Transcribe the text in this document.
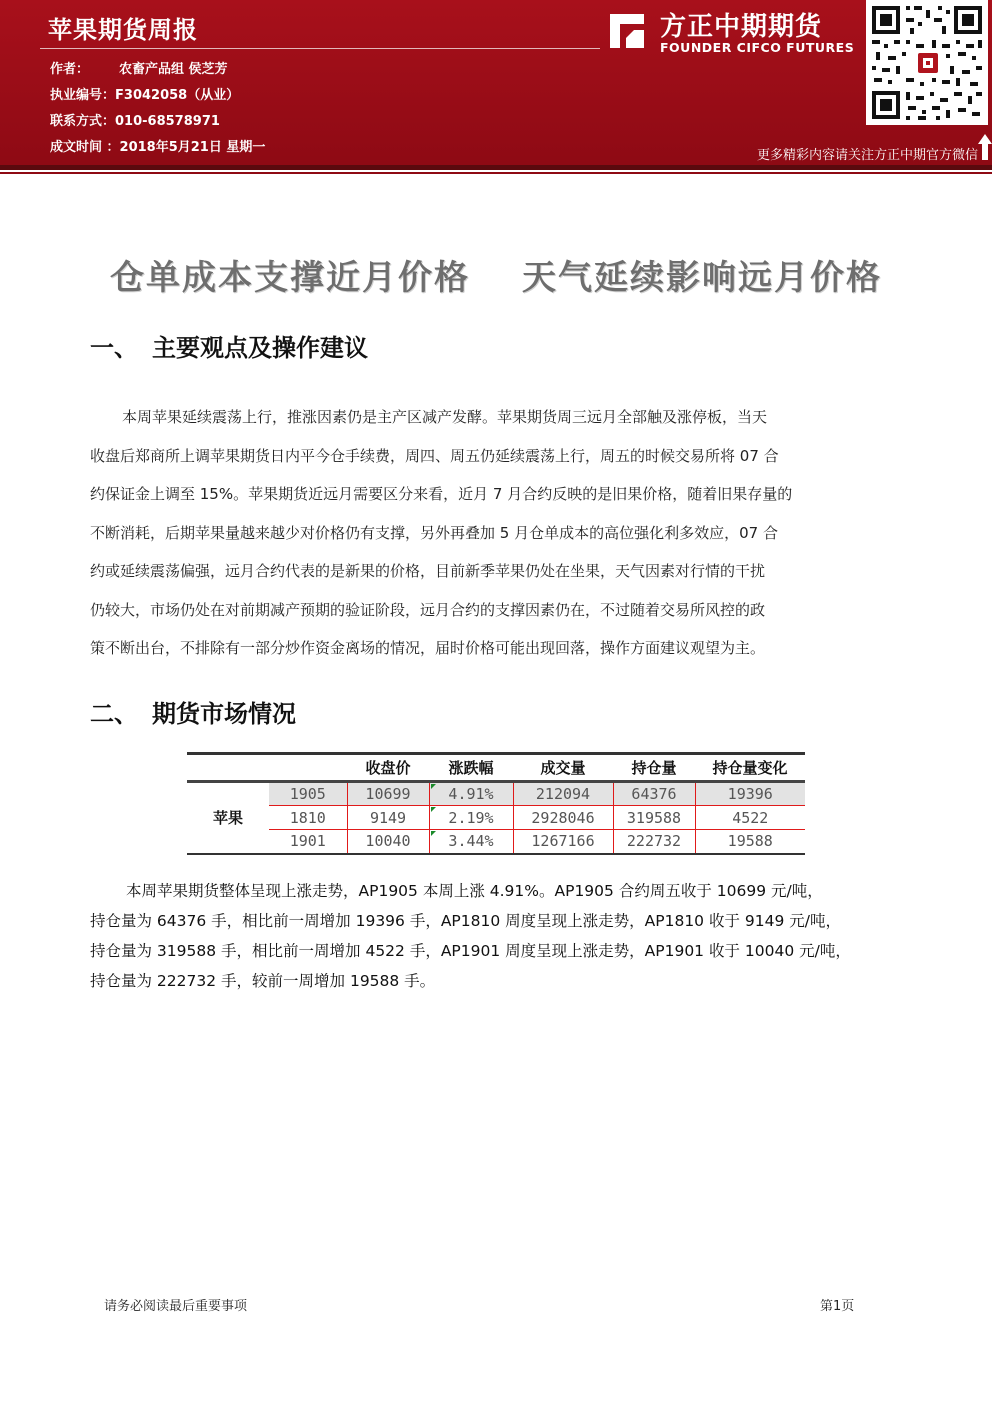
苹果期货周报
作者： 农畜产品组 侯芝芳
执业编号：F3042058（从业）
联系方式：010-68578971
成文时间 ：2018年5月21日 星期一
方正中期期货
FOUNDER CIFCO FUTURES
更多精彩内容请关注方正中期官方微信
仓单成本支撑近月价格 天气延续影响远月价格
一、 主要观点及操作建议
本周苹果延续震荡上行，推涨因素仍是主产区减产发酵。苹果期货周三远月全部触及涨停板，当天
收盘后郑商所上调苹果期货日内平今仓手续费，周四、周五仍延续震荡上行，周五的时候交易所将 07 合
约保证金上调至 15%。苹果期货近远月需要区分来看，近月 7 月合约反映的是旧果价格，随着旧果存量的
不断消耗，后期苹果量越来越少对价格仍有支撑，另外再叠加 5 月仓单成本的高位强化利多效应，07 合
约或延续震荡偏强，远月合约代表的是新果的价格，目前新季苹果仍处在坐果，天气因素对行情的干扰
仍较大，市场仍处在对前期减产预期的验证阶段，远月合约的支撑因素仍在，不过随着交易所风控的政
策不断出台，不排除有一部分炒作资金离场的情况，届时价格可能出现回落，操作方面建议观望为主。
二、 期货市场情况
		收盘价	涨跌幅	成交量	持仓量	持仓量变化
苹果	1905	10699	4.91%	212094	64376	19396
	1810	9149	2.19%	2928046	319588	4522
	1901	10040	3.44%	1267166	222732	19588
本周苹果期货整体呈现上涨走势，AP1905 本周上涨 4.91%。AP1905 合约周五收于 10699 元/吨，
持仓量为 64376 手，相比前一周增加 19396 手，AP1810 周度呈现上涨走势，AP1810 收于 9149 元/吨，
持仓量为 319588 手，相比前一周增加 4522 手，AP1901 周度呈现上涨走势，AP1901 收于 10040 元/吨，
持仓量为 222732 手，较前一周增加 19588 手。
请务必阅读最后重要事项	第1页
